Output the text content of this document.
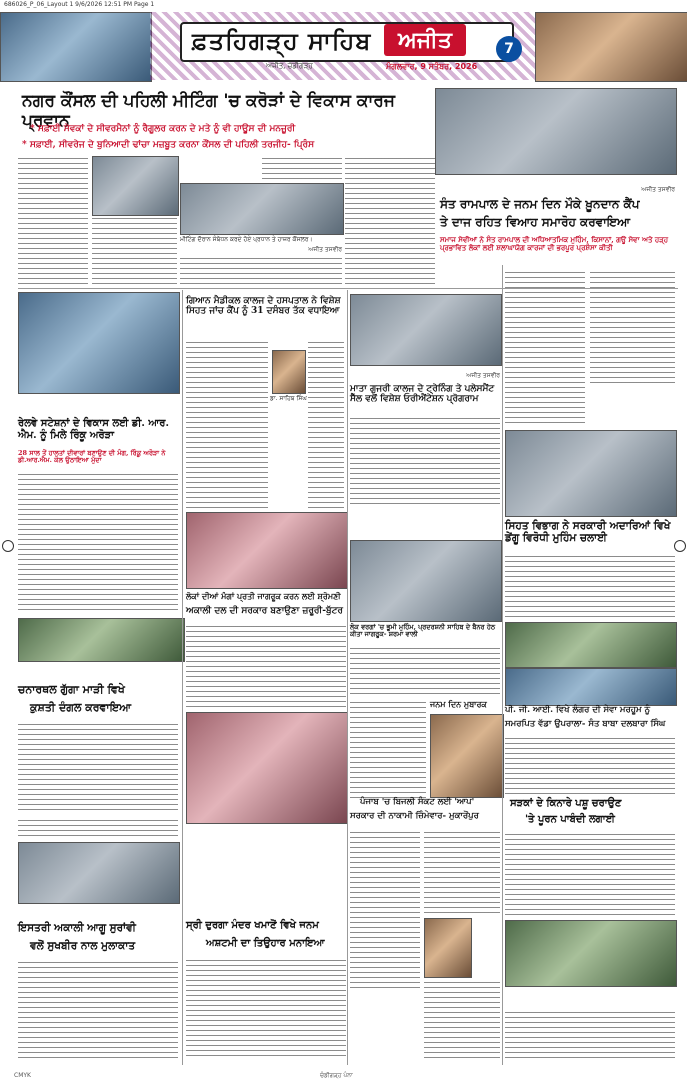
686026_P_06_Layout 1 9/6/2026 12:51 PM Page 1
ਫ਼ਤਹਿਗੜ੍ਹ ਸਾਹਿਬ	ਅਜੀਤ	7
ਅਜੀਤ, ਚੰਡੀਗੜ੍ਹ	ਮੰਗਲਵਾਰ, 9 ਸਤੰਬਰ, 2026
ਨਗਰ ਕੌਂਸਲ ਦੀ ਪਹਿਲੀ ਮੀਟਿੰਗ 'ਚ ਕਰੋੜਾਂ ਦੇ ਵਿਕਾਸ ਕਾਰਜ ਪ੍ਰਵਾਨ
* ਸਫ਼ਾਈ ਸੇਵਕਾਂ ਦੇ ਸੀਵਰਮੈਨਾਂ ਨੂੰ ਰੈਗੂਲਰ ਕਰਨ ਦੇ ਮਤੇ ਨੂੰ ਵੀ ਹਾਊਸ ਦੀ ਮਨਜ਼ੂਰੀ
* ਸਫ਼ਾਈ, ਸੀਵਰੇਜ ਦੇ ਬੁਨਿਆਦੀ ਢਾਂਚਾ ਮਜ਼ਬੂਤ ਕਰਨਾ ਕੌਂਸਲ ਦੀ ਪਹਿਲੀ ਤਰਜੀਹ- ਪ੍ਰਿੰਸ
ਮੀਟਿੰਗ ਦੌਰਾਨ ਸੰਬੋਧਨ ਕਰਦੇ ਹੋਏ ਪ੍ਰਧਾਨ ਤੇ ਹਾਜ਼ਰ ਕੌਂਸਲਰ।
ਅਜੀਤ ਤਸਵੀਰ
ਅਜੀਤ ਤਸਵੀਰ
ਸੰਤ ਰਾਮਪਾਲ ਦੇ ਜਨਮ ਦਿਨ ਮੌਕੇ ਖ਼ੂਨਦਾਨ ਕੈਂਪ
ਤੇ ਦਾਜ ਰਹਿਤ ਵਿਆਹ ਸਮਾਰੋਹ ਕਰਵਾਇਆ
ਸਮਾਜ ਸੇਵੀਆਂ ਨੇ ਸੰਤ ਰਾਮਪਾਲ ਦੀ ਅਧਿਆਤਮਿਕ ਮੁਹਿੰਮ, ਕਿਸਾਨਾਂ, ਗਊ ਸੇਵਾ ਅਤੇ ਹੜ੍ਹ ਪ੍ਰਭਾਵਿਤ ਲੋਕਾਂ ਲਈ ਸ਼ਲਾਘਾਯੋਗ ਕਾਰਜਾਂ ਦੀ ਭਰਪੂਰ ਪ੍ਰਸ਼ੰਸਾ ਕੀਤੀ
ਰੇਲਵੇ ਸਟੇਸ਼ਨਾਂ ਦੇ ਵਿਕਾਸ ਲਈ ਡੀ. ਆਰ. ਐਮ. ਨੂੰ ਮਿਲੇ ਰਿੰਕੂ ਅਰੋੜਾ
28 ਸਾਲ ਤੋਂ ਹਾਲਤਾਂ ਦੀਵਾਰਾਂ ਬਣਾਉਣ ਦੀ ਮੰਗ, ਰਿੰਕੂ ਅਰੋੜਾ ਨੇ ਡੀ.ਆਰ.ਐਮ. ਕੋਲ ਉਠਾਇਆ ਮੁੱਦਾ
ਗਿਆਨ ਮੈਡੀਕਲ ਕਾਲਜ ਦੇ ਹਸਪਤਾਲ ਨੇ ਵਿਸ਼ੇਸ਼ ਸਿਹਤ ਜਾਂਚ ਕੈਂਪ ਨੂੰ 31 ਦਸੰਬਰ ਤੱਕ ਵਧਾਇਆ
ਡਾ. ਸਾਹਿਬ ਸਿੰਘ
ਅਜੀਤ ਤਸਵੀਰ
ਮਾਤਾ ਗੁਜਰੀ ਕਾਲਜ ਦੇ ਟ੍ਰੇਨਿੰਗ ਤੇ ਪਲੇਸਮੈਂਟ ਸੈੱਲ ਵਲੋਂ ਵਿਸ਼ੇਸ਼ ਓਰੀਐਂਟੇਸ਼ਨ ਪ੍ਰੋਗਰਾਮ
ਸਿਹਤ ਵਿਭਾਗ ਨੇ ਸਰਕਾਰੀ ਅਦਾਰਿਆਂ ਵਿਖੇ ਡੇਂਗੂ ਵਿਰੋਧੀ ਮੁਹਿੰਮ ਚਲਾਈ
ਲੋਕਾਂ ਦੀਆਂ ਮੰਗਾਂ ਪ੍ਰਤੀ ਜਾਗਰੂਕ ਕਰਨ ਲਈ ਸ਼੍ਰੋਮਣੀ
ਅਕਾਲੀ ਦਲ ਦੀ ਸਰਕਾਰ ਬਣਾਉਣਾ ਜ਼ਰੂਰੀ-ਬੁੱਟਰ
ਲੋਕ ਵਰਗਾਂ 'ਚ ਭੂਮੀ ਮੁਹਿੰਮ, ਪ੍ਰਦਰਸ਼ਨੀ ਸਾਹਿਬ ਦੇ ਬੈਨਰ ਹੇਠ ਕੀਤਾ ਜਾਗਰੂਕ- ਸ਼ਰਮਾ ਵਾਲੀ
ਜਨਮ ਦਿਨ ਮੁਬਾਰਕ
ਚਨਾਰਥਲ ਗੁੱਗਾ ਮਾੜੀ ਵਿਖੇ
ਕੁਸ਼ਤੀ ਦੰਗਲ ਕਰਵਾਇਆ	ਪੀ. ਜੀ. ਆਈ. ਵਿਖੇ ਲੰਗਰ ਦੀ ਸੇਵਾ ਮਰਹੂਮ ਨੂੰ
ਸਮਰਪਿਤ ਵੱਡਾ ਉਪਰਾਲਾ- ਸੰਤ ਬਾਬਾ ਦਲਬਾਰਾ ਸਿੰਘ
ਪੰਜਾਬ 'ਚ ਬਿਜਲੀ ਸੰਕਟ ਲਈ 'ਆਪ'
ਸਰਕਾਰ ਦੀ ਨਾਕਾਮੀ ਜ਼ਿੰਮੇਵਾਰ- ਮੁਕਾਰੋਂਪੁਰ
ਸੜਕਾਂ ਦੇ ਕਿਨਾਰੇ ਪਸ਼ੂ ਚਰਾਉਣ
'ਤੇ ਪੂਰਨ ਪਾਬੰਦੀ ਲਗਾਈ
ਇਸਤਰੀ ਅਕਾਲੀ ਆਗੂ ਸੁਰਾਂਵੀ
ਵਲੋਂ ਸੁਖਬੀਰ ਨਾਲ ਮੁਲਾਕਾਤ
ਸ੍ਰੀ ਦੁਰਗਾ ਮੰਦਰ ਖਮਾਣੋਂ ਵਿਖੇ ਜਨਮ
ਅਸ਼ਟਮੀ ਦਾ ਤਿਉਹਾਰ ਮਨਾਇਆ
CMYK	ਚੰਡੀਗੜ੍ਹ ਪੰਨਾ
